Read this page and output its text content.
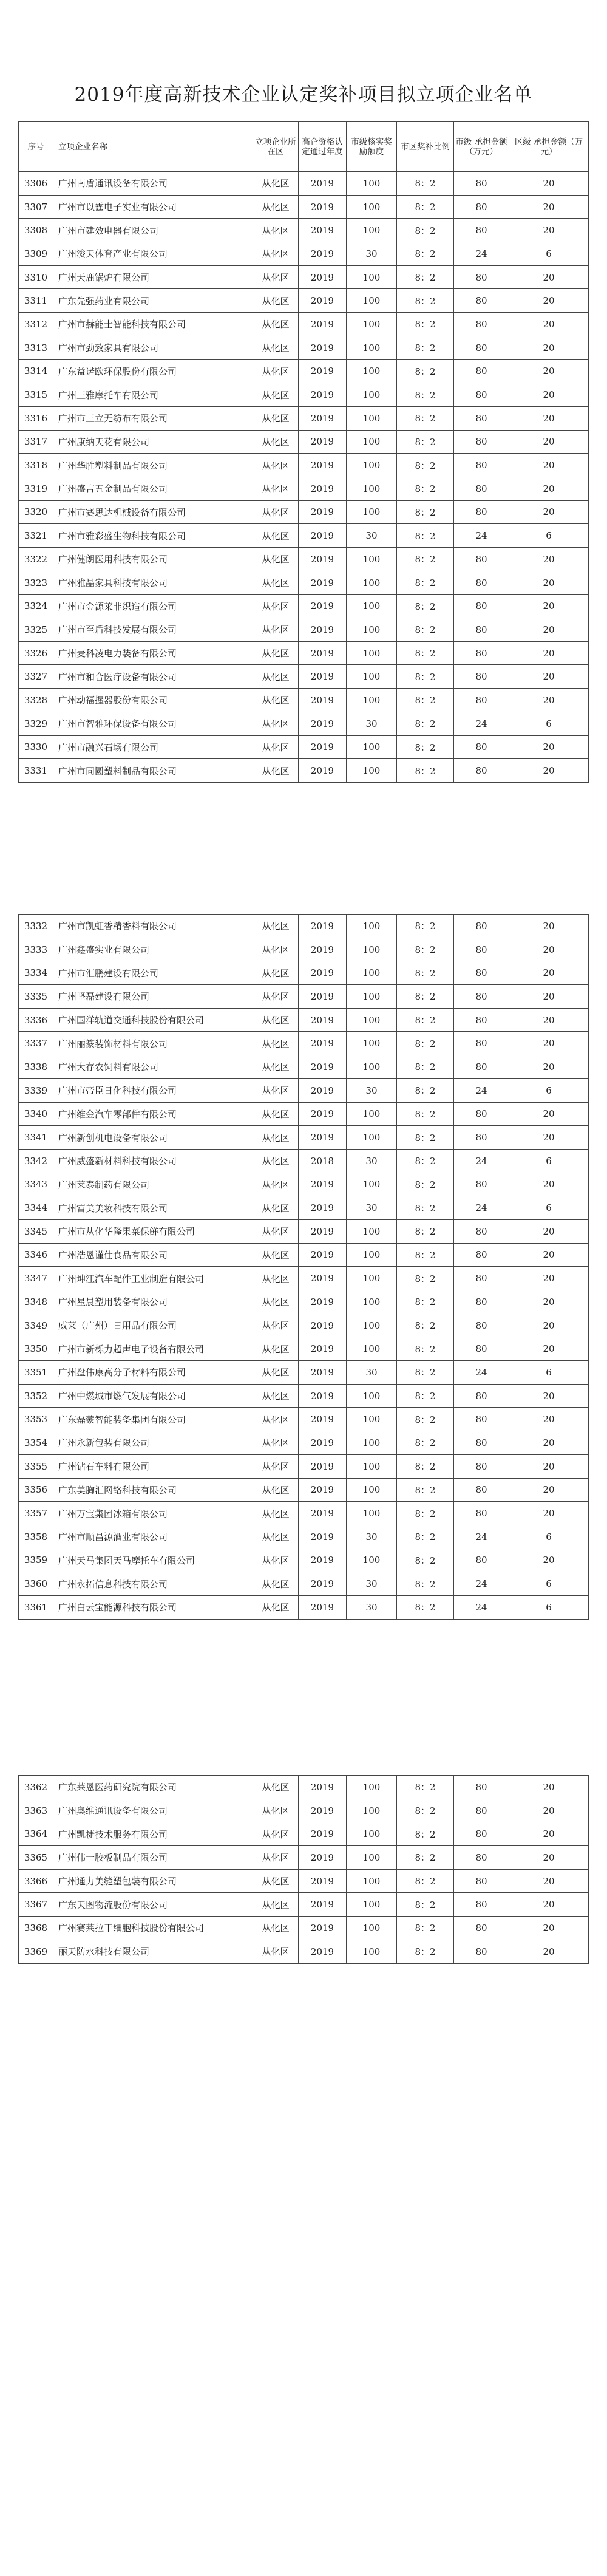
2019年度高新技术企业认定奖补项目拟立项企业名单
序号	立项企业名称	立项企业所在区	高企资格认定通过年度	市级核实奖励额度	市区奖补比例	市级 承担金额（万元）	区级 承担金额（万元）
3306	广州南盾通讯设备有限公司	从化区	2019	100	8：2	80	20
3307	广州市以霆电子实业有限公司	从化区	2019	100	8：2	80	20
3308	广州市建效电器有限公司	从化区	2019	100	8：2	80	20
3309	广州浚天体育产业有限公司	从化区	2019	30	8：2	24	6
3310	广州天鹿锅炉有限公司	从化区	2019	100	8：2	80	20
3311	广东先强药业有限公司	从化区	2019	100	8：2	80	20
3312	广州市赫能士智能科技有限公司	从化区	2019	100	8：2	80	20
3313	广州市劲致家具有限公司	从化区	2019	100	8：2	80	20
3314	广东益诺欧环保股份有限公司	从化区	2019	100	8：2	80	20
3315	广州三雅摩托车有限公司	从化区	2019	100	8：2	80	20
3316	广州市三立无纺布有限公司	从化区	2019	100	8：2	80	20
3317	广州康纳天花有限公司	从化区	2019	100	8：2	80	20
3318	广州华胜塑料制品有限公司	从化区	2019	100	8：2	80	20
3319	广州盛吉五金制品有限公司	从化区	2019	100	8：2	80	20
3320	广州市赛思达机械设备有限公司	从化区	2019	100	8：2	80	20
3321	广州市雅彩盛生物科技有限公司	从化区	2019	30	8：2	24	6
3322	广州健朗医用科技有限公司	从化区	2019	100	8：2	80	20
3323	广州雅晶家具科技有限公司	从化区	2019	100	8：2	80	20
3324	广州市金源莱非织造有限公司	从化区	2019	100	8：2	80	20
3325	广州市至盾科技发展有限公司	从化区	2019	100	8：2	80	20
3326	广州麦科凌电力装备有限公司	从化区	2019	100	8：2	80	20
3327	广州市和合医疗设备有限公司	从化区	2019	100	8：2	80	20
3328	广州动福握器股份有限公司	从化区	2019	100	8：2	80	20
3329	广州市智雅环保设备有限公司	从化区	2019	30	8：2	24	6
3330	广州市融兴石场有限公司	从化区	2019	100	8：2	80	20
3331	广州市同圆塑料制品有限公司	从化区	2019	100	8：2	80	20
3332	广州市凯虹香精香料有限公司	从化区	2019	100	8：2	80	20
3333	广州鑫盛实业有限公司	从化区	2019	100	8：2	80	20
3334	广州市汇鹏建设有限公司	从化区	2019	100	8：2	80	20
3335	广州坚磊建设有限公司	从化区	2019	100	8：2	80	20
3336	广州国洋轨道交通科技股份有限公司	从化区	2019	100	8：2	80	20
3337	广州丽篆装饰材料有限公司	从化区	2019	100	8：2	80	20
3338	广州大存农饲料有限公司	从化区	2019	100	8：2	80	20
3339	广州市帝臣日化科技有限公司	从化区	2019	30	8：2	24	6
3340	广州维金汽车零部件有限公司	从化区	2019	100	8：2	80	20
3341	广州新创机电设备有限公司	从化区	2019	100	8：2	80	20
3342	广州威盛新材料科技有限公司	从化区	2018	30	8：2	24	6
3343	广州莱泰制药有限公司	从化区	2019	100	8：2	80	20
3344	广州富美美妆科技有限公司	从化区	2019	30	8：2	24	6
3345	广州市从化华隆果菜保鲜有限公司	从化区	2019	100	8：2	80	20
3346	广州浩恩谨仕食品有限公司	从化区	2019	100	8：2	80	20
3347	广州坤江汽车配件工业制造有限公司	从化区	2019	100	8：2	80	20
3348	广州星晨塑用装备有限公司	从化区	2019	100	8：2	80	20
3349	威莱（广州）日用品有限公司	从化区	2019	100	8：2	80	20
3350	广州市新栎力超声电子设备有限公司	从化区	2019	100	8：2	80	20
3351	广州盘伟康高分子材料有限公司	从化区	2019	30	8：2	24	6
3352	广州中燃城市燃气发展有限公司	从化区	2019	100	8：2	80	20
3353	广东磊蒙智能装备集团有限公司	从化区	2019	100	8：2	80	20
3354	广州永新包装有限公司	从化区	2019	100	8：2	80	20
3355	广州钻石车料有限公司	从化区	2019	100	8：2	80	20
3356	广东美胸汇网络科技有限公司	从化区	2019	100	8：2	80	20
3357	广州万宝集团冰箱有限公司	从化区	2019	100	8：2	80	20
3358	广州市顺昌源酒业有限公司	从化区	2019	30	8：2	24	6
3359	广州天马集团天马摩托车有限公司	从化区	2019	100	8：2	80	20
3360	广州永拓信息科技有限公司	从化区	2019	30	8：2	24	6
3361	广州白云宝能源科技有限公司	从化区	2019	30	8：2	24	6
3362	广东莱恩医药研究院有限公司	从化区	2019	100	8：2	80	20
3363	广州奥维通讯设备有限公司	从化区	2019	100	8：2	80	20
3364	广州凯捷技术服务有限公司	从化区	2019	100	8：2	80	20
3365	广州伟一胶板制品有限公司	从化区	2019	100	8：2	80	20
3366	广州通力美缝塑包装有限公司	从化区	2019	100	8：2	80	20
3367	广东天图物流股份有限公司	从化区	2019	100	8：2	80	20
3368	广州赛莱拉干细胞科技股份有限公司	从化区	2019	100	8：2	80	20
3369	丽天防水科技有限公司	从化区	2019	100	8：2	80	20
